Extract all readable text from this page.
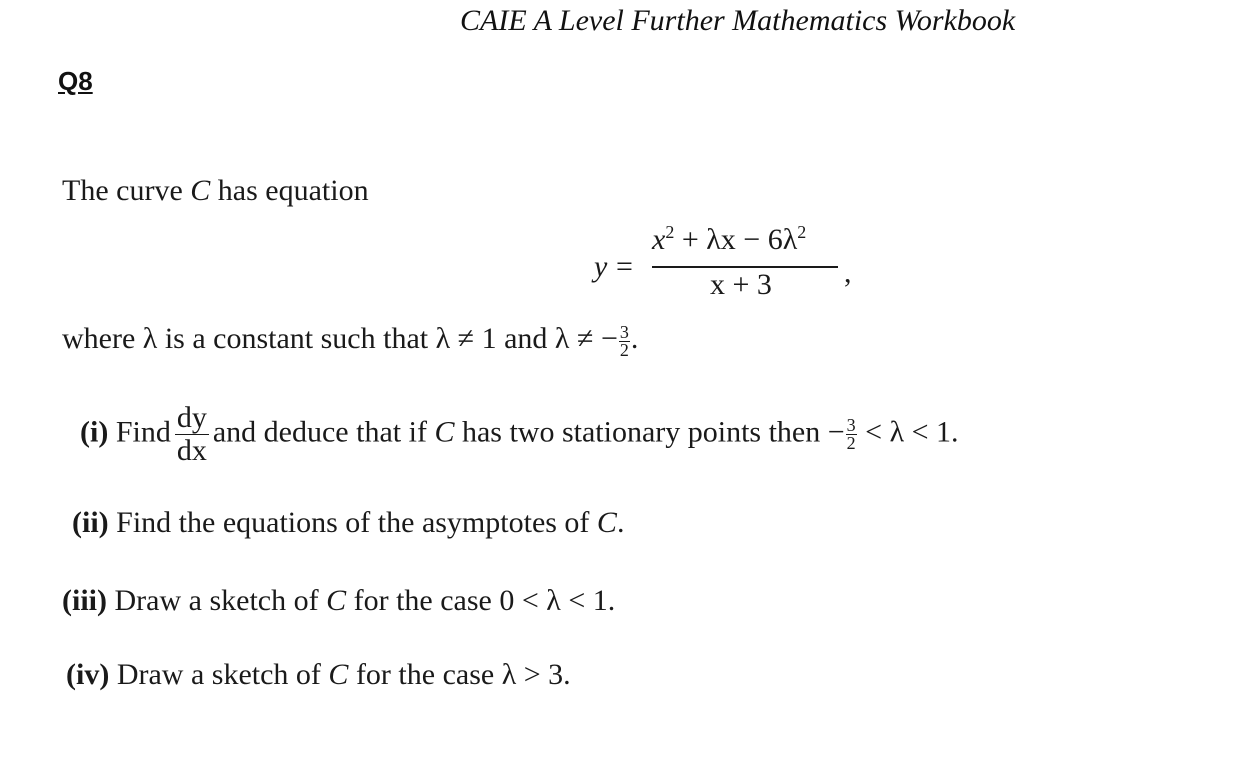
CAIE A Level Further Mathematics Workbook
Q8
The curve C has equation
y =
$x^2 + \lambda x - 6\lambda^2$
x + 3 ,
where λ is a constant such that λ ≠ 1 and λ ≠ − $\frac{3}{2}$ .
(i) Find $\frac{dy}{dx}$ and deduce that if C has two stationary points then − $\frac{3}{2} < \lambda < 1$.
(ii) Find the equations of the asymptotes of C.
(iii) Draw a sketch of C for the case 0 < λ < 1.
(iv) Draw a sketch of C for the case λ > 3.
